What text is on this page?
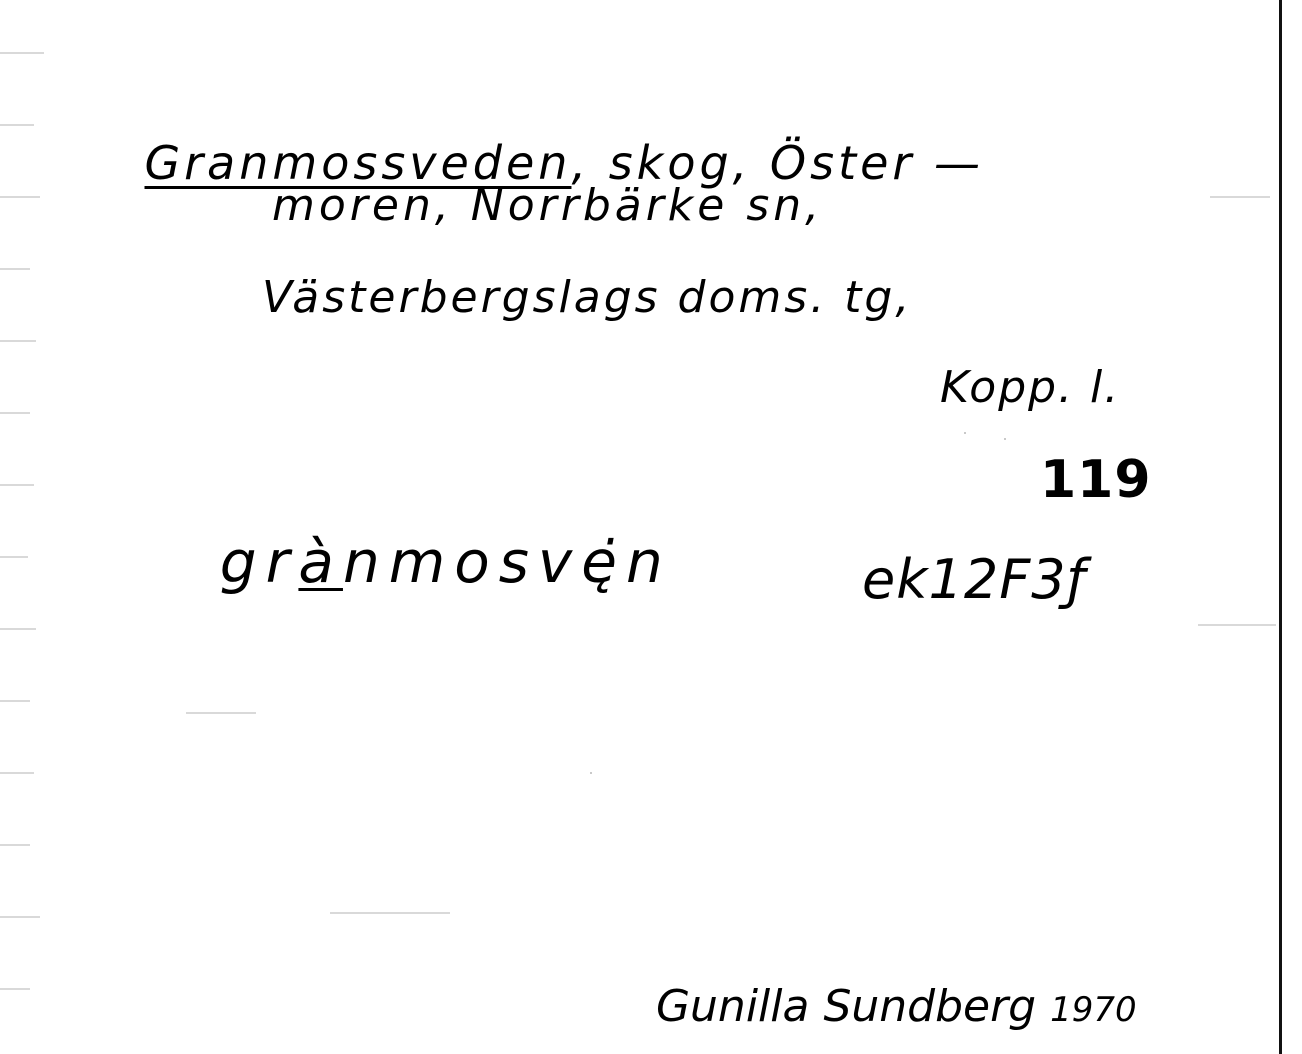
Granmossveden, skog, Öster —

moren, Norrbärke sn,
Västerbergslags doms. tg,
Kopp. l.
119
ek12F3ƒ

grànmosvę̇n

Gunilla Sundberg 1970
